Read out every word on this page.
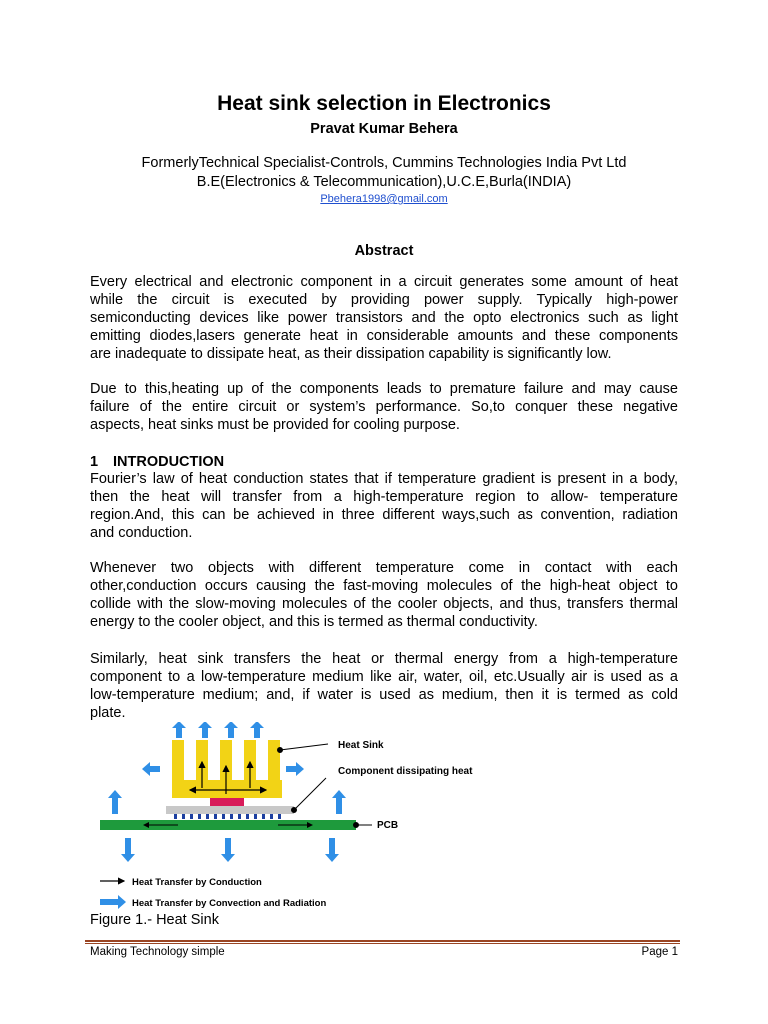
Heat sink selection in Electronics
Pravat Kumar Behera
FormerlyTechnical Specialist-Controls, Cummins Technologies India Pvt Ltd
B.E(Electronics & Telecommunication),U.C.E,Burla(INDIA)
Pbehera1998@gmail.com
Abstract
Every electrical and electronic component in a circuit generates some amount of heat
while the circuit is executed by providing power supply. Typically high-power
semiconducting devices like power transistors and the opto electronics such as light
emitting diodes,lasers generate heat in considerable amounts and these components
are inadequate to dissipate heat, as their dissipation capability is significantly low.
Due to this,heating up of the components leads to premature failure and may cause
failure of the entire circuit or system’s performance. So,to conquer these negative
aspects, heat sinks must be provided for cooling purpose.
1 INTRODUCTION
Fourier’s law of heat conduction states that if temperature gradient is present in a body,
then the heat will transfer from a high-temperature region to allow- temperature
region.And, this can be achieved in three different ways,such as convention, radiation
and conduction.
Whenever two objects with different temperature come in contact with each
other,conduction occurs causing the fast-moving molecules of the high-heat object to
collide with the slow-moving molecules of the cooler objects, and thus, transfers thermal
energy to the cooler object, and this is termed as thermal conductivity.
Similarly, heat sink transfers the heat or thermal energy from a high-temperature
component to a low-temperature medium like air, water, oil, etc.Usually air is used as a
low-temperature medium; and, if water is used as medium, then it is termed as cold
plate.
Heat Sink
Component dissipating heat
PCB
Heat Transfer by Conduction
Heat Transfer by Convection and Radiation
Figure 1.- Heat Sink
Making Technology simple	Page 1
